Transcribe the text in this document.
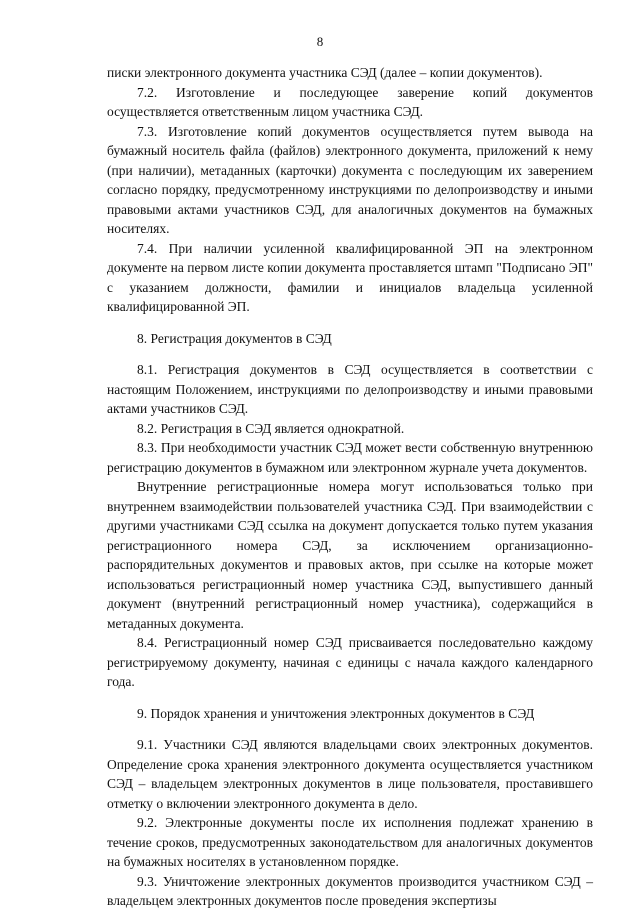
8

писки электронного документа участника СЭД (далее – копии документов).

7.2. Изготовление и последующее заверение копий документов осуществляется ответственным лицом участника СЭД.

7.3. Изготовление копий документов осуществляется путем вывода на бумажный носитель файла (файлов) электронного документа, приложений к нему (при наличии), метаданных (карточки) документа с последующим их заверением согласно порядку, предусмотренному инструкциями по делопроизводству и иными правовыми актами участников СЭД, для аналогичных документов на бумажных носителях.

7.4. При наличии усиленной квалифицированной ЭП на электронном документе на первом листе копии документа проставляется штамп "Подписано ЭП" с указанием должности, фамилии и инициалов владельца усиленной квалифицированной ЭП.

8. Регистрация документов в СЭД

8.1. Регистрация документов в СЭД осуществляется в соответствии с настоящим Положением, инструкциями по делопроизводству и иными правовыми актами участников СЭД.

8.2. Регистрация в СЭД является однократной.

8.3. При необходимости участник СЭД может вести собственную внутреннюю регистрацию документов в бумажном или электронном журнале учета документов.

Внутренние регистрационные номера могут использоваться только при внутреннем взаимодействии пользователей участника СЭД. При взаимодействии с другими участниками СЭД ссылка на документ допускается только путем указания регистрационного номера СЭД, за исключением организационно-распорядительных документов и правовых актов, при ссылке на которые может использоваться регистрационный номер участника СЭД, выпустившего данный документ (внутренний регистрационный номер участника), содержащийся в метаданных документа.

8.4. Регистрационный номер СЭД присваивается последовательно каждому регистрируемому документу, начиная с единицы с начала каждого календарного года.

9. Порядок хранения и уничтожения электронных документов в СЭД

9.1. Участники СЭД являются владельцами своих электронных документов. Определение срока хранения электронного документа осуществляется участником СЭД – владельцем электронных документов в лице пользователя, проставившего отметку о включении электронного документа в дело.

9.2. Электронные документы после их исполнения подлежат хранению в течение сроков, предусмотренных законодательством для аналогичных документов на бумажных носителях в установленном порядке.

9.3. Уничтожение электронных документов производится участником СЭД – владельцем электронных документов после проведения экспертизы
